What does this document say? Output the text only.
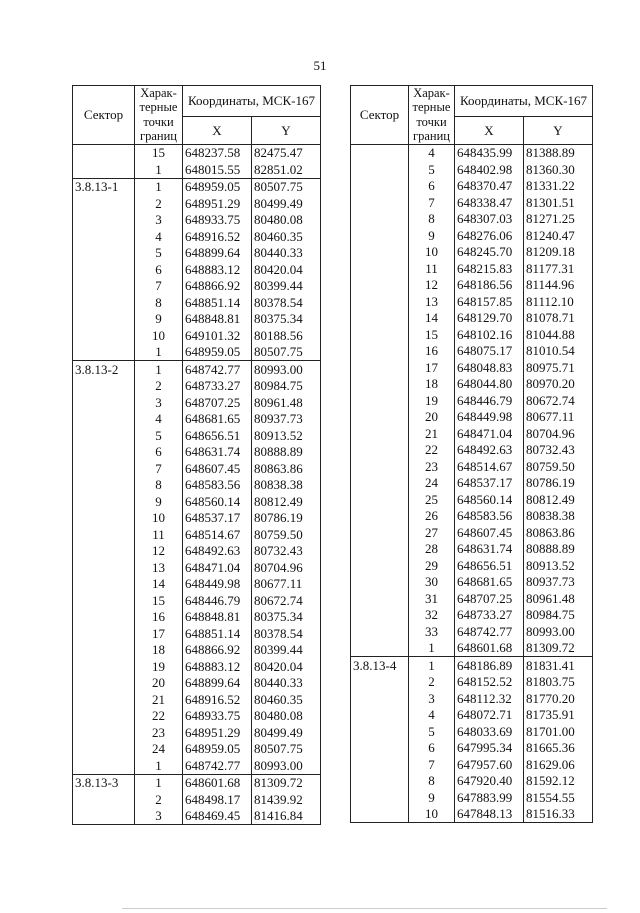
51
Сектор	Харак-терные точки границ	Координаты, МСК-167	
		X	Y
	15	648237.58	82475.47
	1	648015.55	82851.02
3.8.13-1	1	648959.05	80507.75
	2	648951.29	80499.49
	3	648933.75	80480.08
	4	648916.52	80460.35
	5	648899.64	80440.33
	6	648883.12	80420.04
	7	648866.92	80399.44
	8	648851.14	80378.54
	9	648848.81	80375.34
	10	649101.32	80188.56
	1	648959.05	80507.75
3.8.13-2	1	648742.77	80993.00
	2	648733.27	80984.75
	3	648707.25	80961.48
	4	648681.65	80937.73
	5	648656.51	80913.52
	6	648631.74	80888.89
	7	648607.45	80863.86
	8	648583.56	80838.38
	9	648560.14	80812.49
	10	648537.17	80786.19
	11	648514.67	80759.50
	12	648492.63	80732.43
	13	648471.04	80704.96
	14	648449.98	80677.11
	15	648446.79	80672.74
	16	648848.81	80375.34
	17	648851.14	80378.54
	18	648866.92	80399.44
	19	648883.12	80420.04
	20	648899.64	80440.33
	21	648916.52	80460.35
	22	648933.75	80480.08
	23	648951.29	80499.49
	24	648959.05	80507.75
	1	648742.77	80993.00
3.8.13-3	1	648601.68	81309.72
	2	648498.17	81439.92
	3	648469.45	81416.84
Сектор	Харак-терные точки границ	Координаты, МСК-167	
		X	Y
	4	648435.99	81388.89
	5	648402.98	81360.30
	6	648370.47	81331.22
	7	648338.47	81301.51
	8	648307.03	81271.25
	9	648276.06	81240.47
	10	648245.70	81209.18
	11	648215.83	81177.31
	12	648186.56	81144.96
	13	648157.85	81112.10
	14	648129.70	81078.71
	15	648102.16	81044.88
	16	648075.17	81010.54
	17	648048.83	80975.71
	18	648044.80	80970.20
	19	648446.79	80672.74
	20	648449.98	80677.11
	21	648471.04	80704.96
	22	648492.63	80732.43
	23	648514.67	80759.50
	24	648537.17	80786.19
	25	648560.14	80812.49
	26	648583.56	80838.38
	27	648607.45	80863.86
	28	648631.74	80888.89
	29	648656.51	80913.52
	30	648681.65	80937.73
	31	648707.25	80961.48
	32	648733.27	80984.75
	33	648742.77	80993.00
	1	648601.68	81309.72
3.8.13-4	1	648186.89	81831.41
	2	648152.52	81803.75
	3	648112.32	81770.20
	4	648072.71	81735.91
	5	648033.69	81701.00
	6	647995.34	81665.36
	7	647957.60	81629.06
	8	647920.40	81592.12
	9	647883.99	81554.55
	10	647848.13	81516.33
